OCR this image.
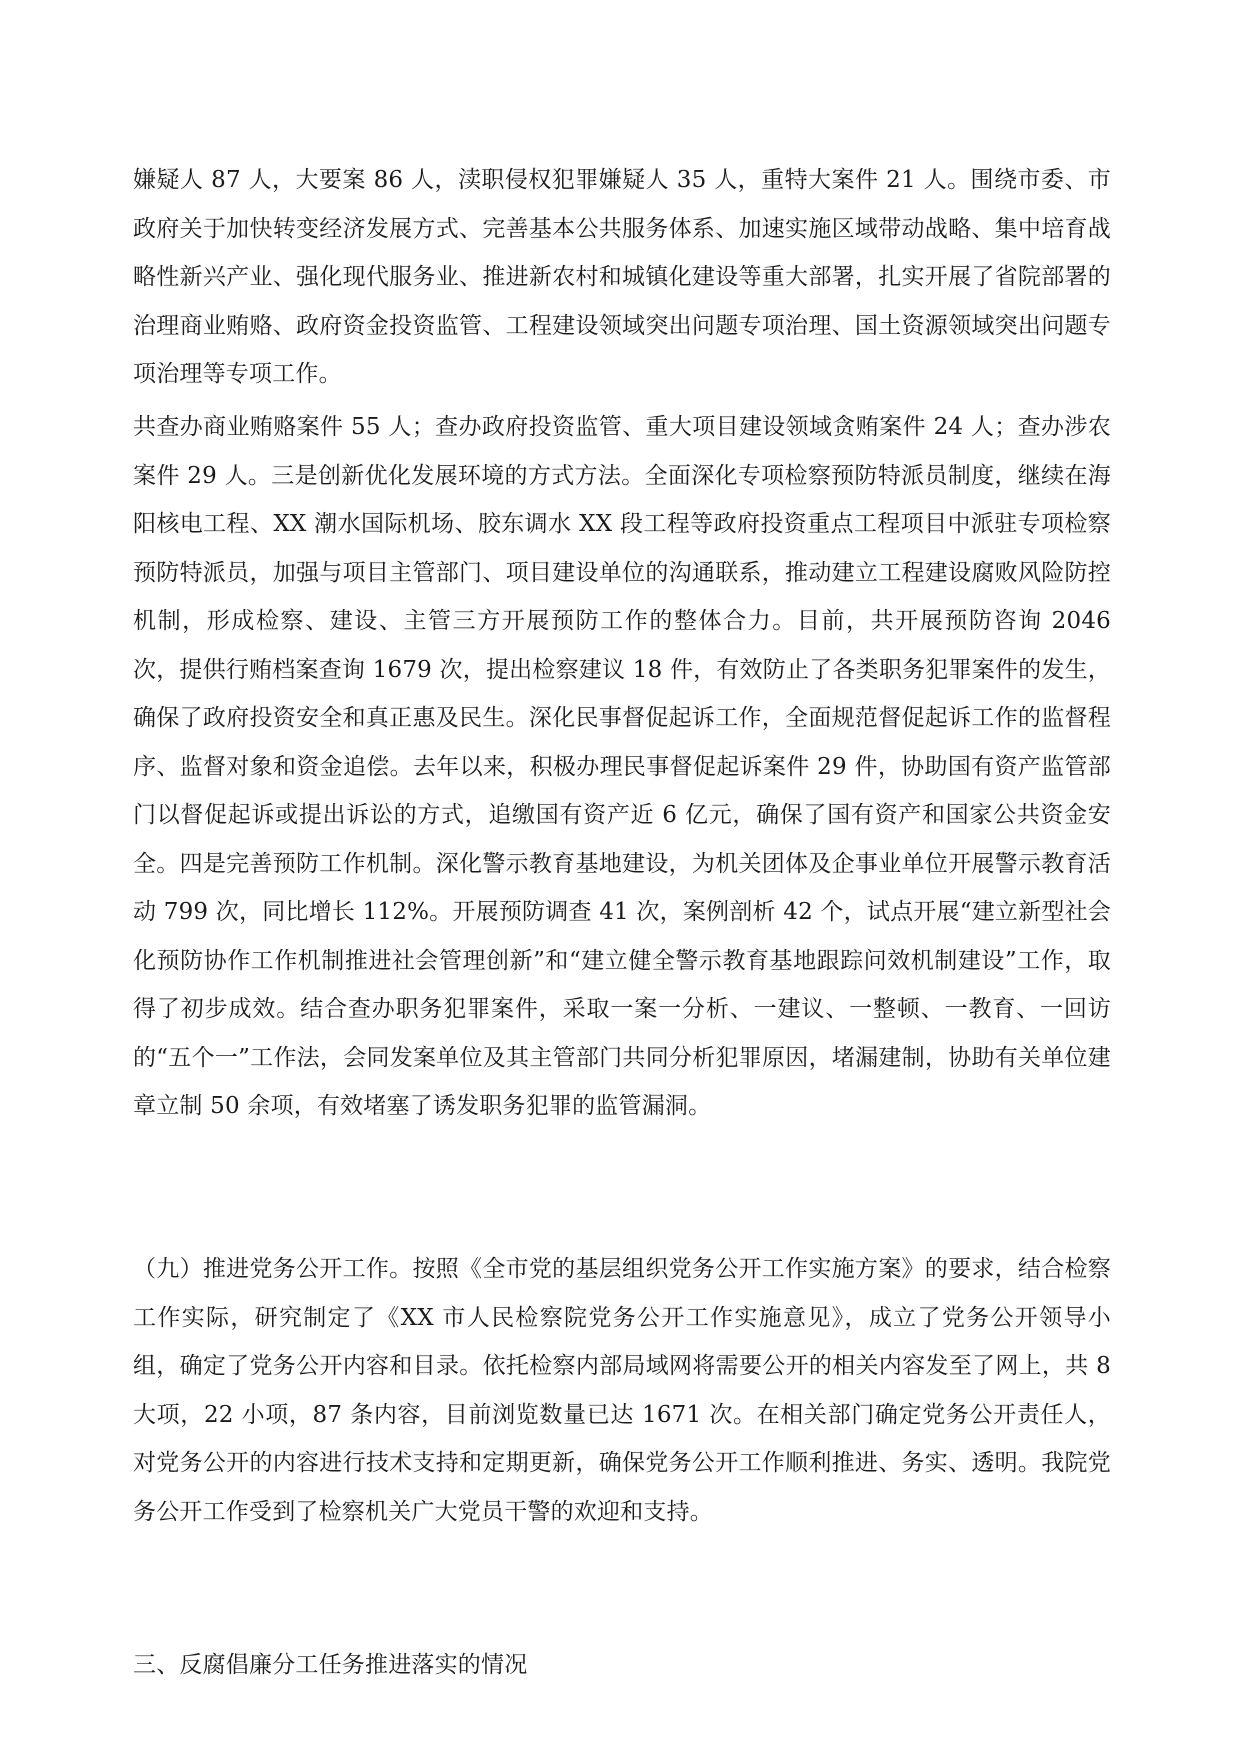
嫌疑人 87 人，大要案 86 人，渎职侵权犯罪嫌疑人 35 人，重特大案件 21 人。围绕市委、市政府关于加快转变经济发展方式、完善基本公共服务体系、加速实施区域带动战略、集中培育战略性新兴产业、强化现代服务业、推进新农村和城镇化建设等重大部署，扎实开展了省院部署的治理商业贿赂、政府资金投资监管、工程建设领域突出问题专项治理、国土资源领域突出问题专项治理等专项工作。

共查办商业贿赂案件 55 人；查办政府投资监管、重大项目建设领域贪贿案件 24 人；查办涉农案件 29 人。三是创新优化发展环境的方式方法。全面深化专项检察预防特派员制度，继续在海阳核电工程、XX 潮水国际机场、胶东调水 XX 段工程等政府投资重点工程项目中派驻专项检察预防特派员，加强与项目主管部门、项目建设单位的沟通联系，推动建立工程建设腐败风险防控机制，形成检察、建设、主管三方开展预防工作的整体合力。目前，共开展预防咨询 2046 次，提供行贿档案查询 1679 次，提出检察建议 18 件，有效防止了各类职务犯罪案件的发生，确保了政府投资安全和真正惠及民生。深化民事督促起诉工作，全面规范督促起诉工作的监督程序、监督对象和资金追偿。去年以来，积极办理民事督促起诉案件 29 件，协助国有资产监管部门以督促起诉或提出诉讼的方式，追缴国有资产近 6 亿元，确保了国有资产和国家公共资金安全。四是完善预防工作机制。深化警示教育基地建设，为机关团体及企事业单位开展警示教育活动 799 次，同比增长 112%。开展预防调查 41 次，案例剖析 42 个，试点开展“建立新型社会化预防协作工作机制推进社会管理创新”和“建立健全警示教育基地跟踪问效机制建设”工作，取得了初步成效。结合查办职务犯罪案件，采取一案一分析、一建议、一整顿、一教育、一回访的“五个一”工作法，会同发案单位及其主管部门共同分析犯罪原因，堵漏建制，协助有关单位建章立制 50 余项，有效堵塞了诱发职务犯罪的监管漏洞。

（九）推进党务公开工作。按照《全市党的基层组织党务公开工作实施方案》的要求，结合检察工作实际，研究制定了《XX 市人民检察院党务公开工作实施意见》，成立了党务公开领导小组，确定了党务公开内容和目录。依托检察内部局域网将需要公开的相关内容发至了网上，共 8 大项，22 小项，87 条内容，目前浏览数量已达 1671 次。在相关部门确定党务公开责任人，对党务公开的内容进行技术支持和定期更新，确保党务公开工作顺利推进、务实、透明。我院党务公开工作受到了检察机关广大党员干警的欢迎和支持。

三、反腐倡廉分工任务推进落实的情况
